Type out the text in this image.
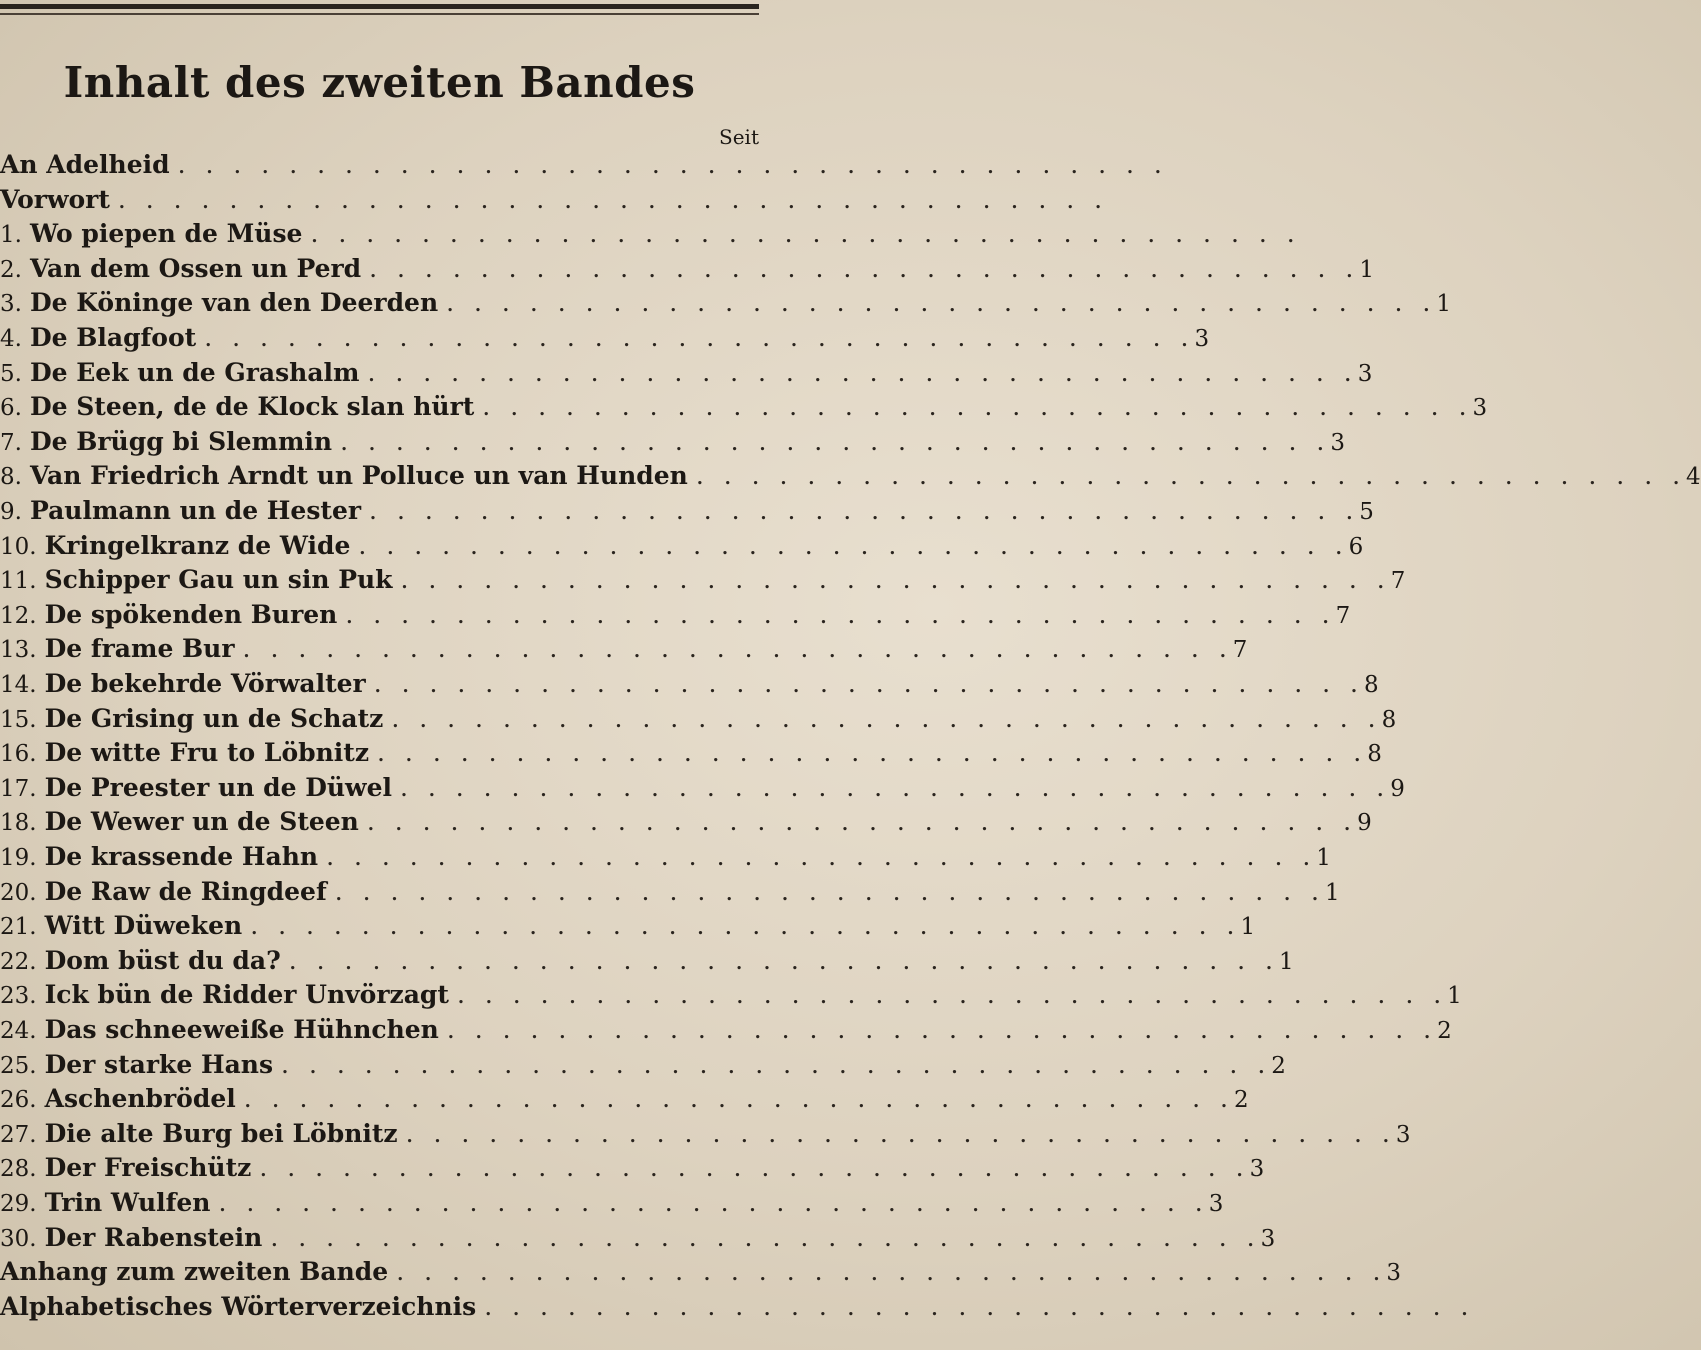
Inhalt des zweiten Bandes
Seit
An Adelheid . . . . . . . . . . . . . . . . . . . . . . . . . . . . . . . . . . . .
Vorwort . . . . . . . . . . . . . . . . . . . . . . . . . . . . . . . . . . . .
1. Wo piepen de Müse . . . . . . . . . . . . . . . . . . . . . . . . . . . . . . . . . . . .
2. Van dem Ossen un Perd . . . . . . . . . . . . . . . . . . . . . . . . . . . . . . . . . . . . 1
3. De Köninge van den Deerden . . . . . . . . . . . . . . . . . . . . . . . . . . . . . . . . . . . . 1
4. De Blagfoot . . . . . . . . . . . . . . . . . . . . . . . . . . . . . . . . . . . . 3
5. De Eek un de Grashalm . . . . . . . . . . . . . . . . . . . . . . . . . . . . . . . . . . . . 3
6. De Steen, de de Klock slan hürt . . . . . . . . . . . . . . . . . . . . . . . . . . . . . . . . . . . . 3
7. De Brügg bi Slemmin . . . . . . . . . . . . . . . . . . . . . . . . . . . . . . . . . . . . 3
8. Van Friedrich Arndt un Polluce un van Hunden . . . . . . . . . . . . . . . . . . . . . . . . . . . . . . . . . . . . 4
9. Paulmann un de Hester . . . . . . . . . . . . . . . . . . . . . . . . . . . . . . . . . . . . 5
10. Kringelkranz de Wide . . . . . . . . . . . . . . . . . . . . . . . . . . . . . . . . . . . . 6
11. Schipper Gau un sin Puk . . . . . . . . . . . . . . . . . . . . . . . . . . . . . . . . . . . . 7
12. De spökenden Buren . . . . . . . . . . . . . . . . . . . . . . . . . . . . . . . . . . . . 7
13. De frame Bur . . . . . . . . . . . . . . . . . . . . . . . . . . . . . . . . . . . . 7
14. De bekehrde Vörwalter . . . . . . . . . . . . . . . . . . . . . . . . . . . . . . . . . . . . 8
15. De Grising un de Schatz . . . . . . . . . . . . . . . . . . . . . . . . . . . . . . . . . . . . 8
16. De witte Fru to Löbnitz . . . . . . . . . . . . . . . . . . . . . . . . . . . . . . . . . . . . 8
17. De Preester un de Düwel . . . . . . . . . . . . . . . . . . . . . . . . . . . . . . . . . . . . 9
18. De Wewer un de Steen . . . . . . . . . . . . . . . . . . . . . . . . . . . . . . . . . . . . 9
19. De krassende Hahn . . . . . . . . . . . . . . . . . . . . . . . . . . . . . . . . . . . . 1
20. De Raw de Ringdeef . . . . . . . . . . . . . . . . . . . . . . . . . . . . . . . . . . . . 1
21. Witt Düweken . . . . . . . . . . . . . . . . . . . . . . . . . . . . . . . . . . . . 1
22. Dom büst du da? . . . . . . . . . . . . . . . . . . . . . . . . . . . . . . . . . . . . 1
23. Ick bün de Ridder Unvörzagt . . . . . . . . . . . . . . . . . . . . . . . . . . . . . . . . . . . . 1
24. Das schneeweiße Hühnchen . . . . . . . . . . . . . . . . . . . . . . . . . . . . . . . . . . . . 2
25. Der starke Hans . . . . . . . . . . . . . . . . . . . . . . . . . . . . . . . . . . . . 2
26. Aschenbrödel . . . . . . . . . . . . . . . . . . . . . . . . . . . . . . . . . . . . 2
27. Die alte Burg bei Löbnitz . . . . . . . . . . . . . . . . . . . . . . . . . . . . . . . . . . . . 3
28. Der Freischütz . . . . . . . . . . . . . . . . . . . . . . . . . . . . . . . . . . . . 3
29. Trin Wulfen . . . . . . . . . . . . . . . . . . . . . . . . . . . . . . . . . . . . 3
30. Der Rabenstein . . . . . . . . . . . . . . . . . . . . . . . . . . . . . . . . . . . . 3
Anhang zum zweiten Bande . . . . . . . . . . . . . . . . . . . . . . . . . . . . . . . . . . . . 3
Alphabetisches Wörterverzeichnis . . . . . . . . . . . . . . . . . . . . . . . . . . . . . . . . . . . .
